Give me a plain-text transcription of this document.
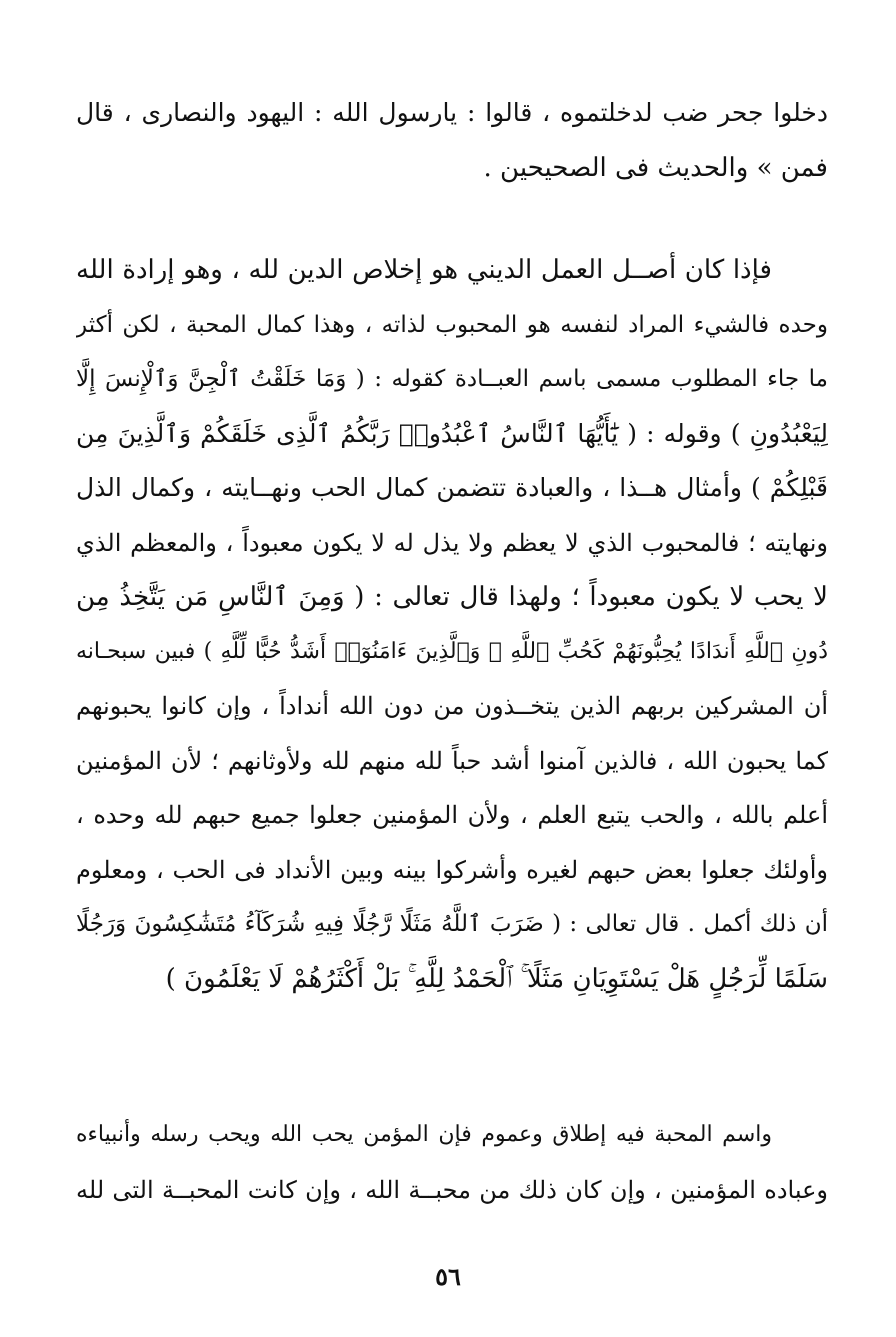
دخلوا جحر ضب لدخلتموه ، قالوا : يارسول الله : اليهود والنصارى ، قال
فمن » والحديث فى الصحيحين .
فإذا كان أصــل العمل الديني هو إخلاص الدين لله ، وهو إرادة الله
وحده فالشيء المراد لنفسه هو المحبوب لذاته ، وهذا كمال المحبة ، لكن أكثر
ما جاء المطلوب مسمى باسم العبــادة كقوله : ( وَمَا خَلَقْتُ ٱلْجِنَّ وَٱلْإِنسَ إِلَّا
لِيَعْبُدُونِ ) وقوله : ( يَٰٓأَيُّهَا ٱلنَّاسُ ٱعْبُدُوا۟ رَبَّكُمُ ٱلَّذِى خَلَقَكُمْ وَٱلَّذِينَ مِن
قَبْلِكُمْ ) وأمثال هــذا ، والعبادة تتضمن كمال الحب ونهــايته ، وكمال الذل
ونهايته ؛ فالمحبوب الذي لا يعظم ولا يذل له لا يكون معبوداً ، والمعظم الذي
لا يحب لا يكون معبوداً ؛ ولهذا قال تعالى : ( وَمِنَ ٱلنَّاسِ مَن يَتَّخِذُ مِن
دُونِ ٱللَّهِ أَندَادًا يُحِبُّونَهُمْ كَحُبِّ ٱللَّهِ ۖ وَٱلَّذِينَ ءَامَنُوٓا۟ أَشَدُّ حُبًّا لِّلَّهِ ) فبين سبحـانه
أن المشركين بربهم الذين يتخــذون من دون الله أنداداً ، وإن كانوا يحبونهم
كما يحبون الله ، فالذين آمنوا أشد حباً لله منهم لله ولأوثانهم ؛ لأن المؤمنين
أعلم بالله ، والحب يتبع العلم ، ولأن المؤمنين جعلوا جميع حبهم لله وحده ،
وأولئك جعلوا بعض حبهم لغيره وأشركوا بينه وبين الأنداد فى الحب ، ومعلوم
أن ذلك أكمل . قال تعالى : ( ضَرَبَ ٱللَّهُ مَثَلًا رَّجُلًا فِيهِ شُرَكَآءُ مُتَشَٰكِسُونَ وَرَجُلًا
سَلَمًا لِّرَجُلٍ هَلْ يَسْتَوِيَانِ مَثَلًا ۚ ٱلْحَمْدُ لِلَّهِ ۚ بَلْ أَكْثَرُهُمْ لَا يَعْلَمُونَ )
واسم المحبة فيه إطلاق وعموم فإن المؤمن يحب الله ويحب رسله وأنبياءه
وعباده المؤمنين ، وإن كان ذلك من محبــة الله ، وإن كانت المحبــة التى لله
٥٦
